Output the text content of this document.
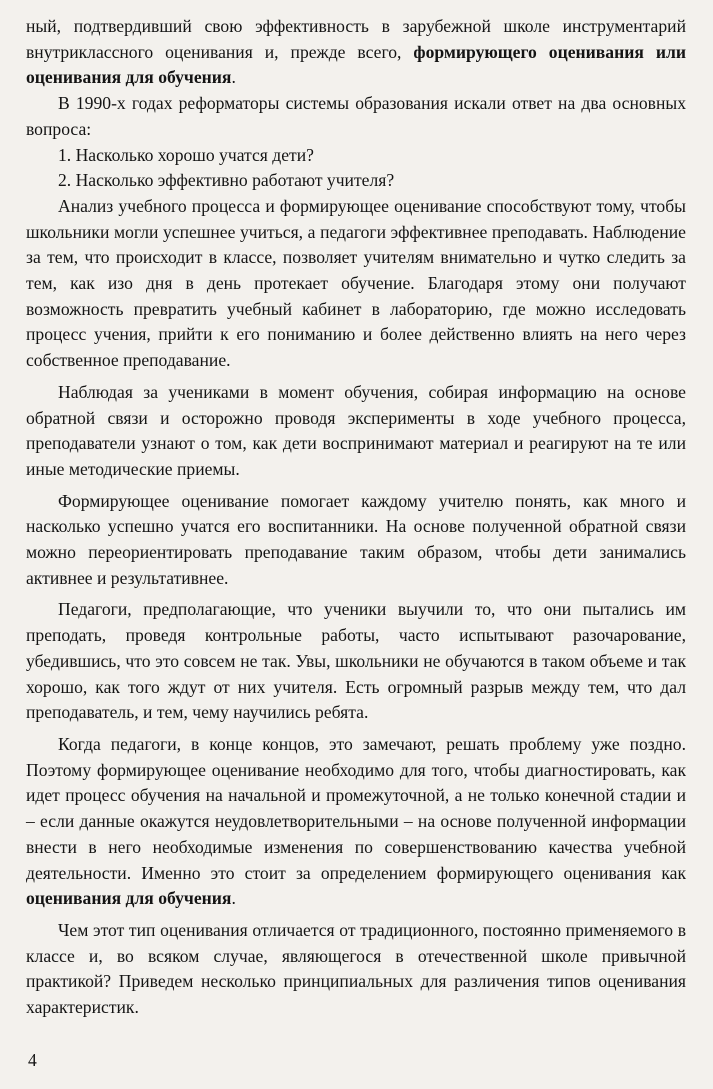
ный, подтвердивший свою эффективность в зарубежной школе инструментарий внутриклассного оценивания и, прежде всего, формирующего оценивания или оценивания для обучения.

В 1990-х годах реформаторы системы образования искали ответ на два основных вопроса:

1. Насколько хорошо учатся дети?

2. Насколько эффективно работают учителя?

Анализ учебного процесса и формирующее оценивание способствуют тому, чтобы школьники могли успешнее учиться, а педагоги эффективнее преподавать. Наблюдение за тем, что происходит в классе, позволяет учителям внимательно и чутко следить за тем, как изо дня в день протекает обучение. Благодаря этому они получают возможность превратить учебный кабинет в лабораторию, где можно исследовать процесс учения, прийти к его пониманию и более действенно влиять на него через собственное преподавание.

Наблюдая за учениками в момент обучения, собирая информацию на основе обратной связи и осторожно проводя эксперименты в ходе учебного процесса, преподаватели узнают о том, как дети воспринимают материал и реагируют на те или иные методические приемы.

Формирующее оценивание помогает каждому учителю понять, как много и насколько успешно учатся его воспитанники. На основе полученной обратной связи можно переориентировать преподавание таким образом, чтобы дети занимались активнее и результативнее.

Педагоги, предполагающие, что ученики выучили то, что они пытались им преподать, проведя контрольные работы, часто испытывают разочарование, убедившись, что это совсем не так. Увы, школьники не обучаются в таком объеме и так хорошо, как того ждут от них учителя. Есть огромный разрыв между тем, что дал преподаватель, и тем, чему научились ребята.

Когда педагоги, в конце концов, это замечают, решать проблему уже поздно. Поэтому формирующее оценивание необходимо для того, чтобы диагностировать, как идет процесс обучения на начальной и промежуточной, а не только конечной стадии и – если данные окажутся неудовлетворительными – на основе полученной информации внести в него необходимые изменения по совершенствованию качества учебной деятельности. Именно это стоит за определением формирующего оценивания как оценивания для обучения.

Чем этот тип оценивания отличается от традиционного, постоянно применяемого в классе и, во всяком случае, являющегося в отечественной школе привычной практикой? Приведем несколько принципиальных для различения типов оценивания характеристик.

4
